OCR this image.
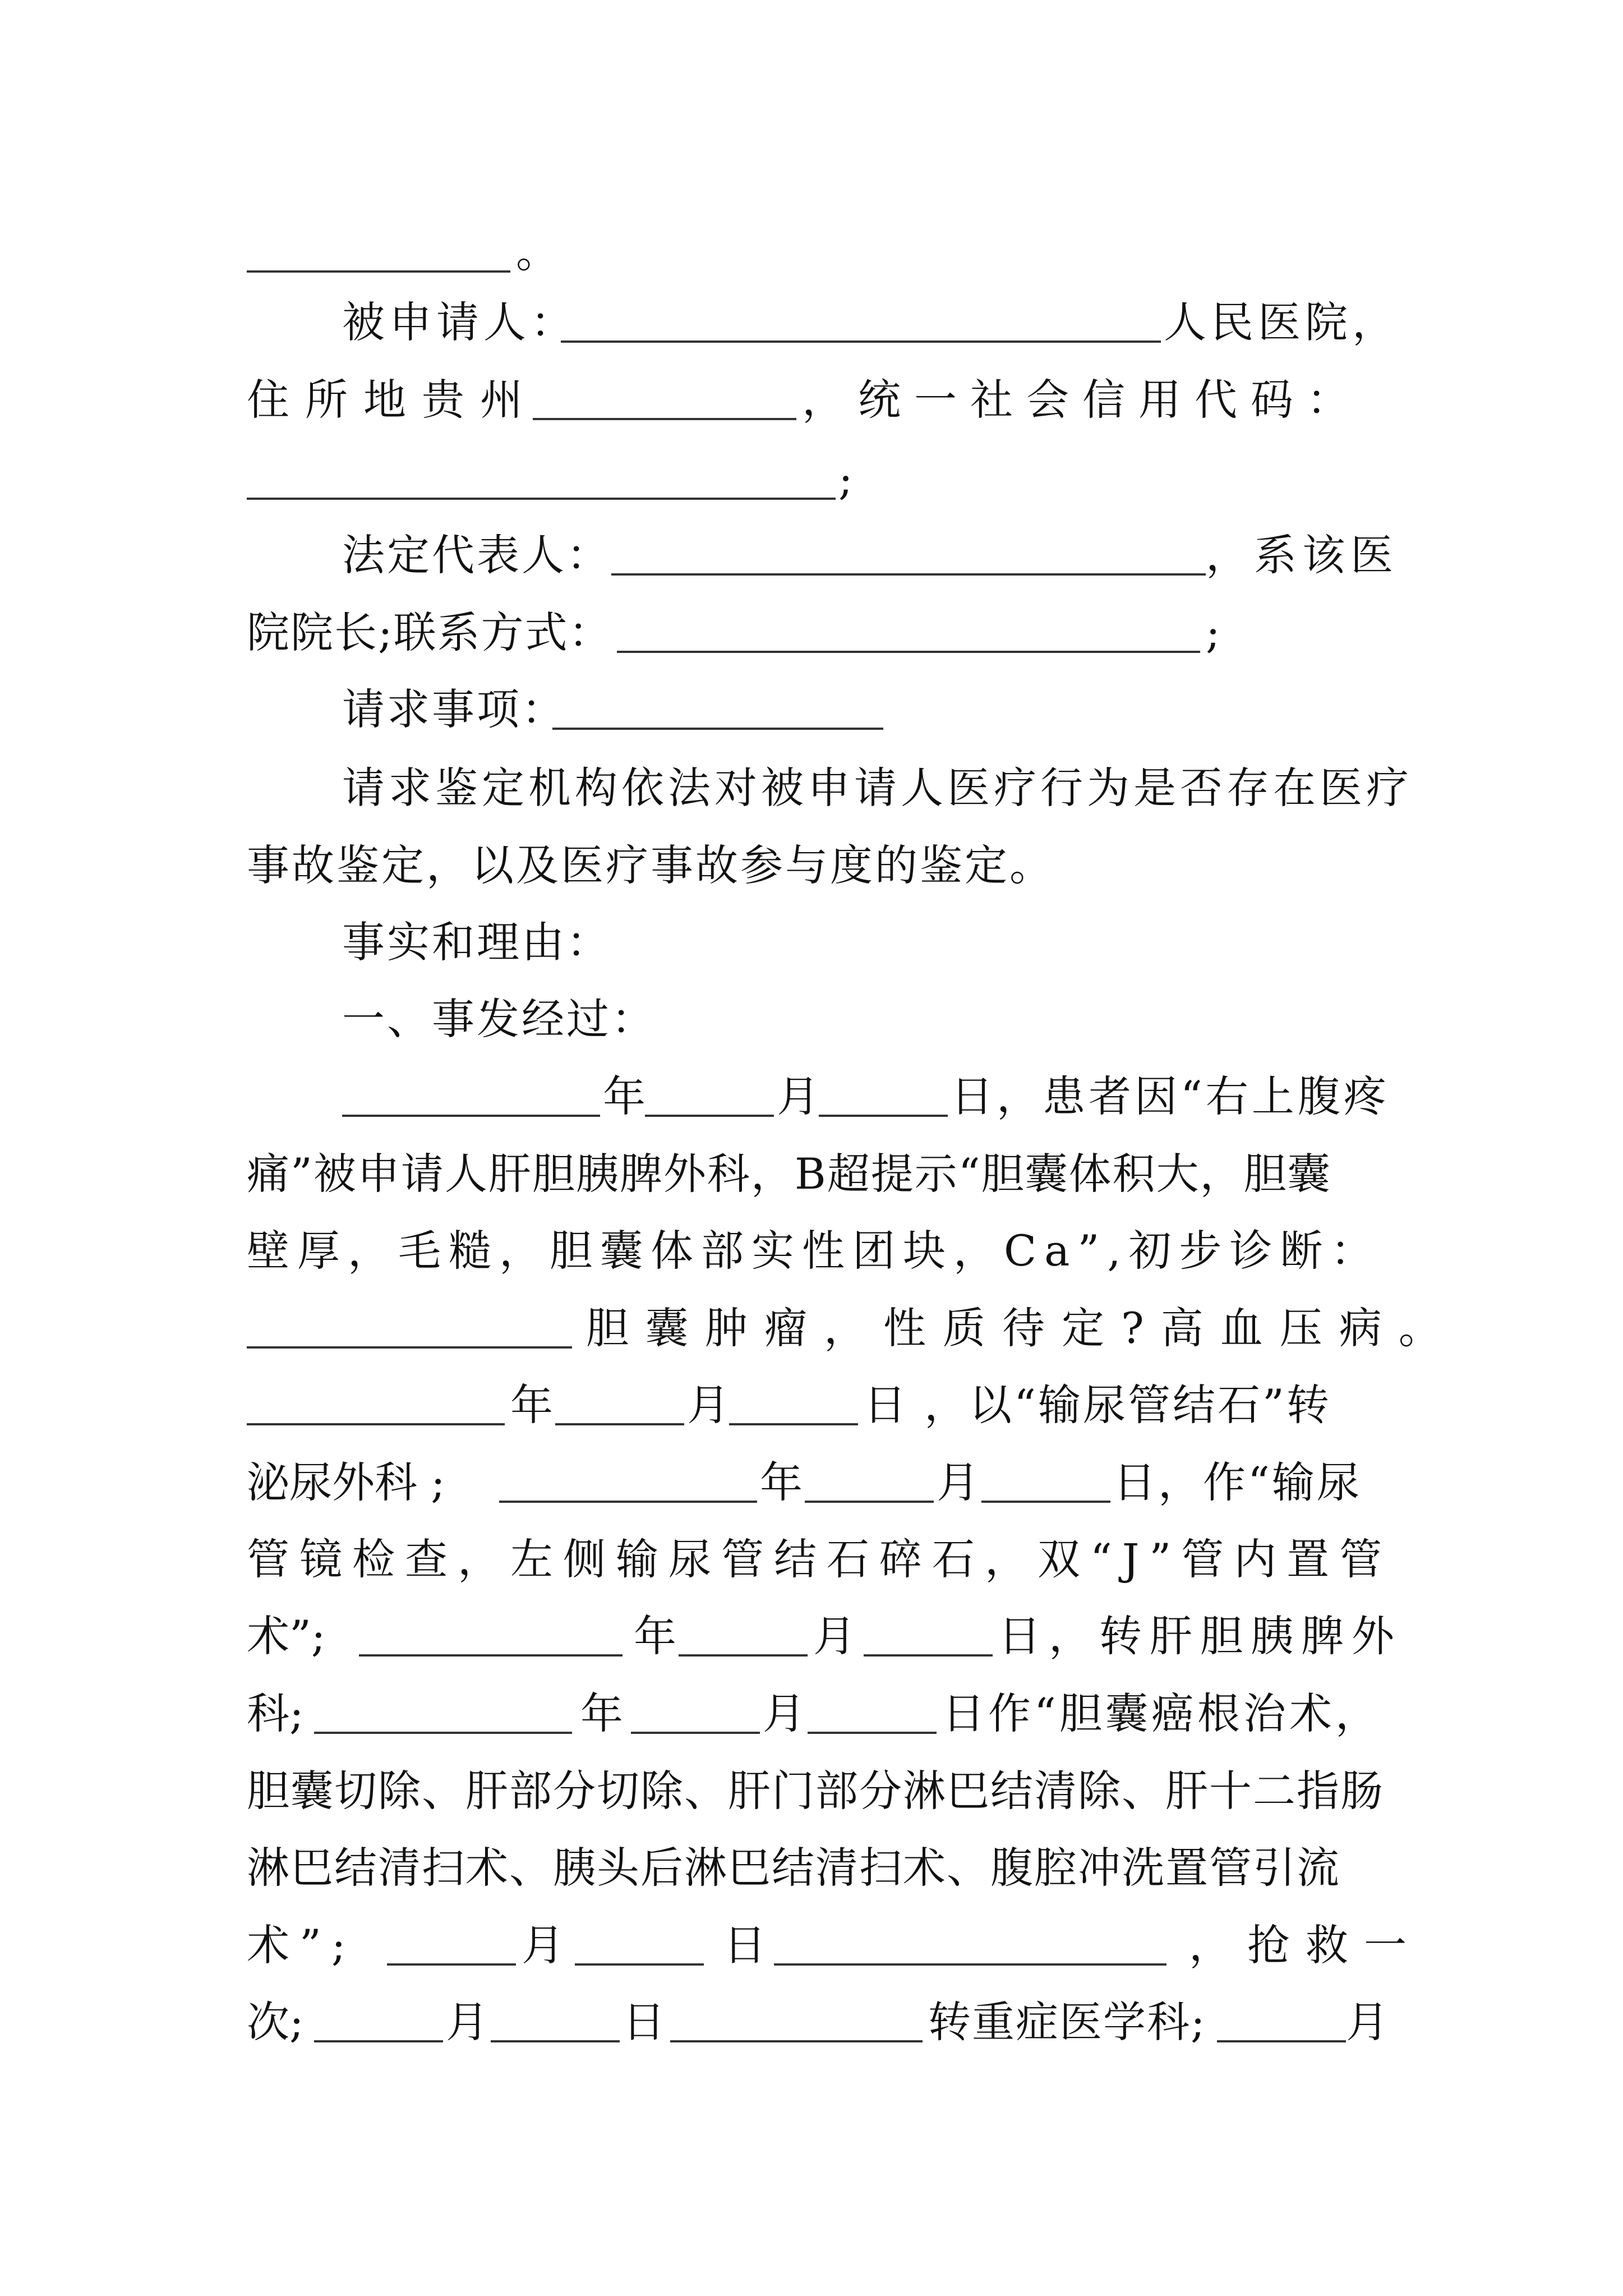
。
被申请人：	人民医院，
住所地贵州	，统一社会信用代码：
;
法定代表人：	，系该医
院院长;联系方式：	;
请求事项：
请求鉴定机构依法对被申请人医疗行为是否存在医疗
事故鉴定，以及医疗事故参与度的鉴定。
事实和理由：
一、事发经过：
年	月	日，患者因“右上腹疼
痛”被申请人肝胆胰脾外科，B超提示“胆囊体积大，胆囊
壁厚，毛糙，胆囊体部实性团块，Ca”,初步诊断：
胆囊肿瘤，性质待定?高血压病。
年	月	日 ，以“输尿管结石”转
泌尿外科 ;	年	月	日，作“输尿
管镜检查，左侧输尿管结石碎石，双“J”管内置管
术”;	年	月	日，转肝胆胰脾外
科;	年	月	日作“胆囊癌根治术，
胆囊切除、肝部分切除、肝门部分淋巴结清除、肝十二指肠
淋巴结清扫术、胰头后淋巴结清扫术、腹腔冲洗置管引流
术”;	月	日	，抢救一
次;	月	日	转重症医学科;	月
